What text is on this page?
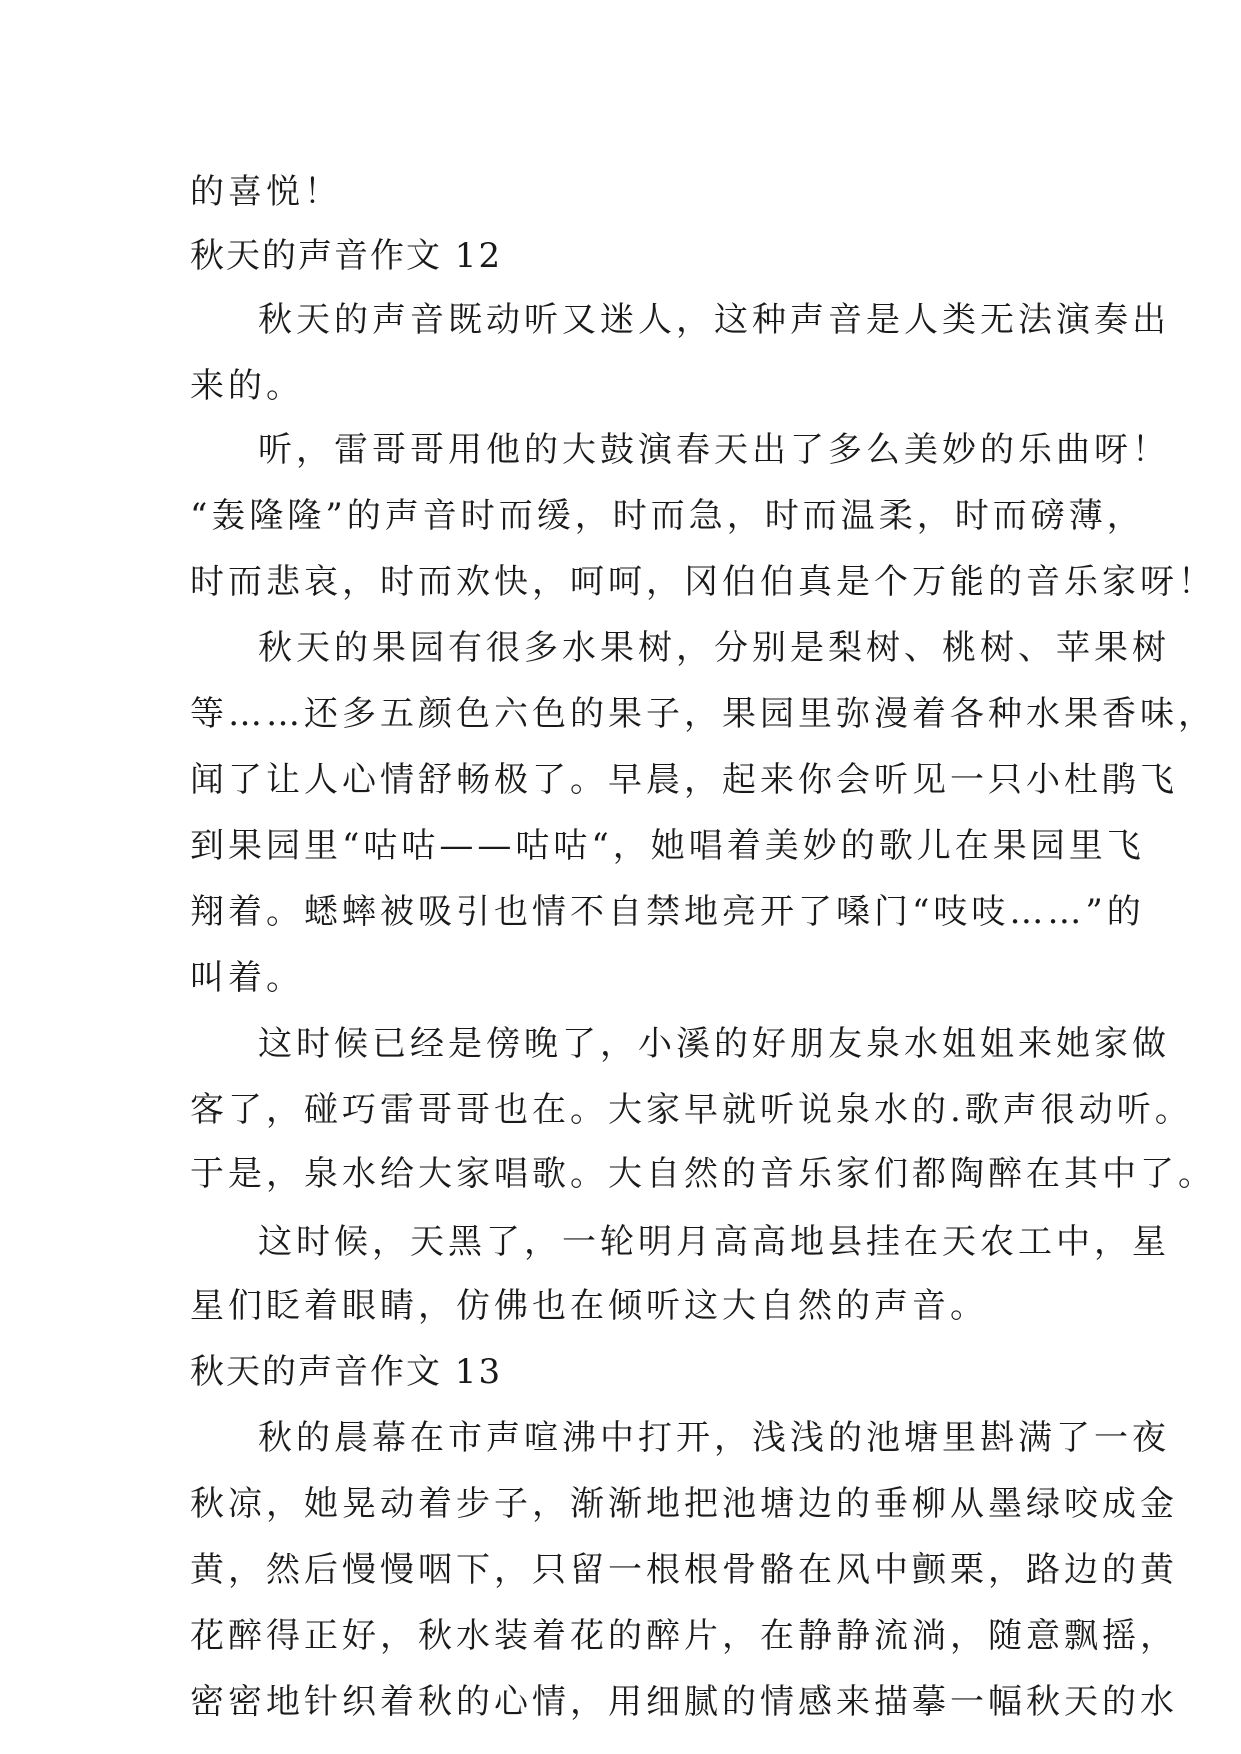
的喜悦！
秋天的声音作文 12
秋天的声音既动听又迷人，这种声音是人类无法演奏出
来的。
听，雷哥哥用他的大鼓演春天出了多么美妙的乐曲呀！
“轰隆隆”的声音时而缓，时而急，时而温柔，时而磅薄，
时而悲哀，时而欢快，呵呵，冈伯伯真是个万能的音乐家呀！
秋天的果园有很多水果树，分别是梨树、桃树、苹果树
等……还多五颜色六色的果子，果园里弥漫着各种水果香味，
闻了让人心情舒畅极了。早晨，起来你会听见一只小杜鹃飞
到果园里“咕咕——咕咕“，她唱着美妙的歌儿在果园里飞
翔着。蟋蟀被吸引也情不自禁地亮开了嗓门“吱吱……”的
叫着。
这时候已经是傍晚了，小溪的好朋友泉水姐姐来她家做
客了，碰巧雷哥哥也在。大家早就听说泉水的.歌声很动听。
于是，泉水给大家唱歌。大自然的音乐家们都陶醉在其中了。
这时候，天黑了，一轮明月高高地县挂在天农工中，星
星们眨着眼睛，仿佛也在倾听这大自然的声音。
秋天的声音作文 13
秋的晨幕在市声喧沸中打开，浅浅的池塘里斟满了一夜
秋凉，她晃动着步子，渐渐地把池塘边的垂柳从墨绿咬成金
黄，然后慢慢咽下，只留一根根骨骼在风中颤栗，路边的黄
花醉得正好，秋水装着花的醉片，在静静流淌，随意飘摇，
密密地针织着秋的心情，用细腻的情感来描摹一幅秋天的水
